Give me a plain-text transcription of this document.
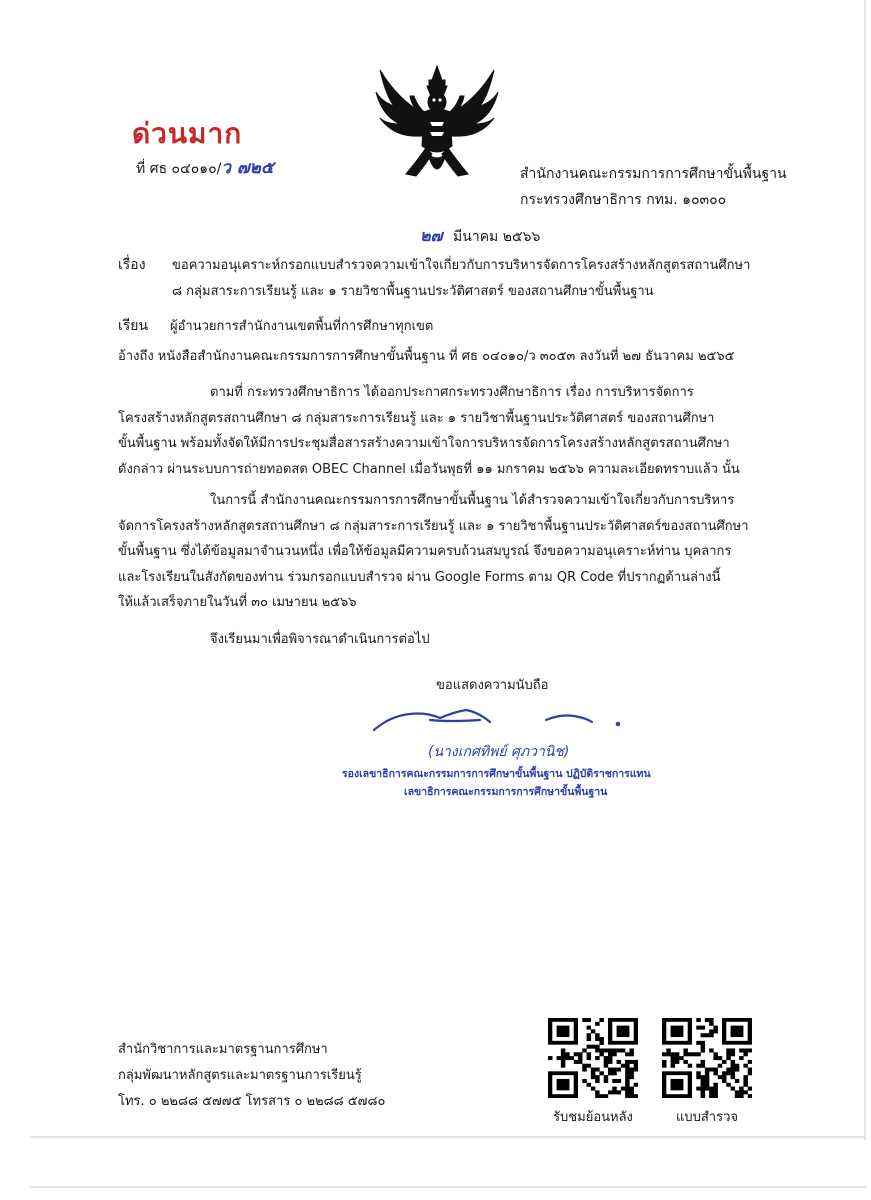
ด่วนมาก
ที่ ศธ ๐๔๐๑๐/ว ๗๒๕	สำนักงานคณะกรรมการการศึกษาขั้นพื้นฐาน
กระทรวงศึกษาธิการ กทม. ๑๐๓๐๐
๒๗ มีนาคม ๒๕๖๖
เรื่อง ขอความอนุเคราะห์กรอกแบบสำรวจความเข้าใจเกี่ยวกับการบริหารจัดการโครงสร้างหลักสูตรสถานศึกษา
๘ กลุ่มสาระการเรียนรู้ และ ๑ รายวิชาพื้นฐานประวัติศาสตร์ ของสถานศึกษาขั้นพื้นฐาน
เรียน ผู้อำนวยการสำนักงานเขตพื้นที่การศึกษาทุกเขต
อ้างถึง หนังสือสำนักงานคณะกรรมการการศึกษาขั้นพื้นฐาน ที่ ศธ ๐๔๐๑๐/ว ๓๐๕๓ ลงวันที่ ๒๗ ธันวาคม ๒๕๖๕
ตามที่ กระทรวงศึกษาธิการ ได้ออกประกาศกระทรวงศึกษาธิการ เรื่อง การบริหารจัดการ
โครงสร้างหลักสูตรสถานศึกษา ๘ กลุ่มสาระการเรียนรู้ และ ๑ รายวิชาพื้นฐานประวัติศาสตร์ ของสถานศึกษา
ขั้นพื้นฐาน พร้อมทั้งจัดให้มีการประชุมสื่อสารสร้างความเข้าใจการบริหารจัดการโครงสร้างหลักสูตรสถานศึกษา
ดังกล่าว ผ่านระบบการถ่ายทอดสด OBEC Channel เมื่อวันพุธที่ ๑๑ มกราคม ๒๕๖๖ ความละเอียดทราบแล้ว นั้น
ในการนี้ สำนักงานคณะกรรมการการศึกษาขั้นพื้นฐาน ได้สำรวจความเข้าใจเกี่ยวกับการบริหาร
จัดการโครงสร้างหลักสูตรสถานศึกษา ๘ กลุ่มสาระการเรียนรู้ และ ๑ รายวิชาพื้นฐานประวัติศาสตร์ของสถานศึกษา
ขั้นพื้นฐาน ซึ่งได้ข้อมูลมาจำนวนหนึ่ง เพื่อให้ข้อมูลมีความครบถ้วนสมบูรณ์ จึงขอความอนุเคราะห์ท่าน บุคลากร
และโรงเรียนในสังกัดของท่าน ร่วมกรอกแบบสำรวจ ผ่าน Google Forms ตาม QR Code ที่ปรากฏด้านล่างนี้
ให้แล้วเสร็จภายในวันที่ ๓๐ เมษายน ๒๕๖๖
จึงเรียนมาเพื่อพิจารณาดำเนินการต่อไป
ขอแสดงความนับถือ
(นางเกศทิพย์ ศุภวานิช)
รองเลขาธิการคณะกรรมการการศึกษาขั้นพื้นฐาน ปฏิบัติราชการแทน
เลขาธิการคณะกรรมการการศึกษาขั้นพื้นฐาน
สำนักวิชาการและมาตรฐานการศึกษา
กลุ่มพัฒนาหลักสูตรและมาตรฐานการเรียนรู้
โทร. ๐ ๒๒๘๘ ๕๗๗๕ โทรสาร ๐ ๒๒๘๘ ๕๗๘๐
รับชมย้อนหลัง	แบบสำรวจ
